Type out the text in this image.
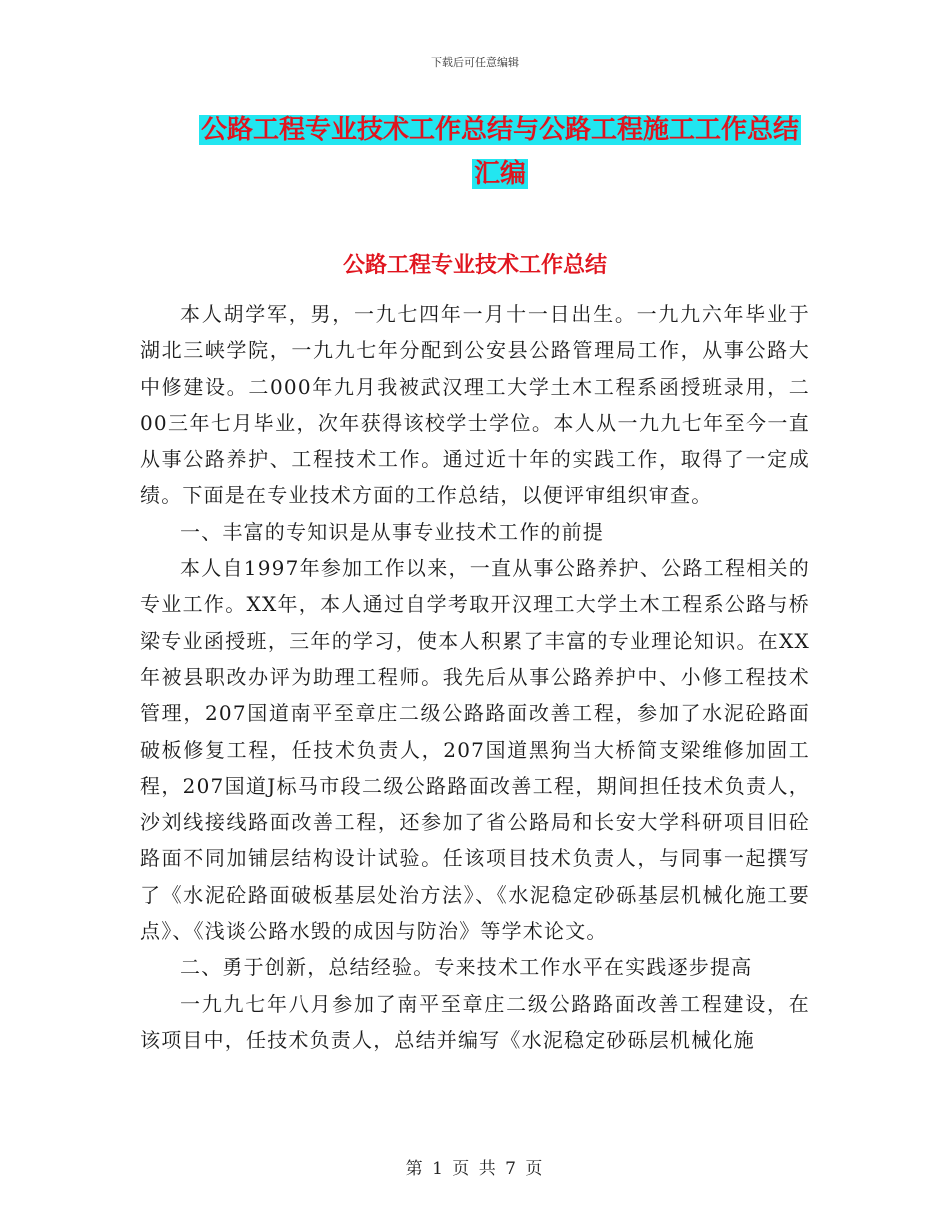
下载后可任意编辑
公路工程专业技术工作总结与公路工程施工工作总结汇编
公路工程专业技术工作总结

本人胡学军，男，一九七四年一月十一日出生。一九九六年毕业于湖北三峡学院，一九九七年分配到公安县公路管理局工作，从事公路大中修建设。二000年九月我被武汉理工大学土木工程系函授班录用，二00三年七月毕业，次年获得该校学士学位。本人从一九九七年至今一直从事公路养护、工程技术工作。通过近十年的实践工作，取得了一定成绩。下面是在专业技术方面的工作总结，以便评审组织审查。

一、丰富的专知识是从事专业技术工作的前提

本人自1997年参加工作以来，一直从事公路养护、公路工程相关的专业工作。XX年，本人通过自学考取开汉理工大学土木工程系公路与桥梁专业函授班，三年的学习，使本人积累了丰富的专业理论知识。在XX年被县职改办评为助理工程师。我先后从事公路养护中、小修工程技术管理，207国道南平至章庄二级公路路面改善工程，参加了水泥砼路面破板修复工程，任技术负责人，207国道黑狗当大桥简支梁维修加固工程，207国道J标马市段二级公路路面改善工程，期间担任技术负责人，沙刘线接线路面改善工程，还参加了省公路局和长安大学科研项目旧砼路面不同加铺层结构设计试验。任该项目技术负责人，与同事一起撰写了《水泥砼路面破板基层处治方法》、《水泥稳定砂砾基层机械化施工要点》、《浅谈公路水毁的成因与防治》等学术论文。

二、勇于创新，总结经验。专来技术工作水平在实践逐步提高

一九九七年八月参加了南平至章庄二级公路路面改善工程建设，在该项目中，任技术负责人，总结并编写《水泥稳定砂砾层机械化施

第 1 页 共 7 页
